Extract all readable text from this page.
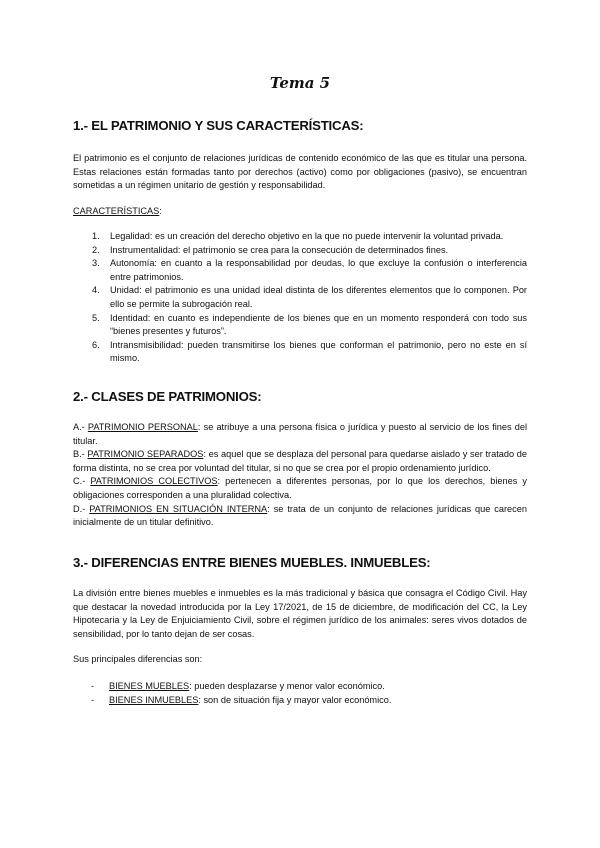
Tema 5
1.- EL PATRIMONIO Y SUS CARACTERÍSTICAS:

El patrimonio es el conjunto de relaciones jurídicas de contenido económico de las que es titular una persona. Estas relaciones están formadas tanto por derechos (activo) como por obligaciones (pasivo), se encuentran sometidas a un régimen unitario de gestión y responsabilidad.

CARACTERÍSTICAS:

1. Legalidad: es un creación del derecho objetivo en la que no puede intervenir la voluntad privada.
2. Instrumentalidad: el patrimonio se crea para la consecución de determinados fines.
3. Autonomía: en cuanto a la responsabilidad por deudas, lo que excluye la confusión o interferencia entre patrimonios.
4. Unidad: el patrimonio es una unidad ideal distinta de los diferentes elementos que lo componen. Por ello se permite la subrogación real.
5. Identidad: en cuanto es independiente de los bienes que en un momento responderá con todo sus “bienes presentes y futuros”.
6. Intransmisibilidad: pueden transmitirse los bienes que conforman el patrimonio, pero no este en sí mismo.
2.- CLASES DE PATRIMONIOS:
A.- PATRIMONIO PERSONAL: se atribuye a una persona física o jurídica y puesto al servicio de los fines del titular.
B.- PATRIMONIO SEPARADOS: es aquel que se desplaza del personal para quedarse aislado y ser tratado de forma distinta, no se crea por voluntad del titular, si no que se crea por el propio ordenamiento jurídico.
C.- PATRIMONIOS COLECTIVOS: pertenecen a diferentes personas, por lo que los derechos, bienes y obligaciones corresponden a una pluralidad colectiva.
D.- PATRIMONIOS EN SITUACIÓN INTERNA: se trata de un conjunto de relaciones jurídicas que carecen inicialmente de un titular definitivo.
3.- DIFERENCIAS ENTRE BIENES MUEBLES. INMUEBLES:

La división entre bienes muebles e inmuebles es la más tradicional y básica que consagra el Código Civil. Hay que destacar la novedad introducida por la Ley 17/2021, de 15 de diciembre, de modificación del CC, la Ley Hipotecaria y la Ley de Enjuiciamiento Civil, sobre el régimen jurídico de los animales: seres vivos dotados de sensibilidad, por lo tanto dejan de ser cosas.

Sus principales diferencias son:

- BIENES MUEBLES: pueden desplazarse y menor valor económico.
- BIENES INMUEBLES: son de situación fija y mayor valor económico.
